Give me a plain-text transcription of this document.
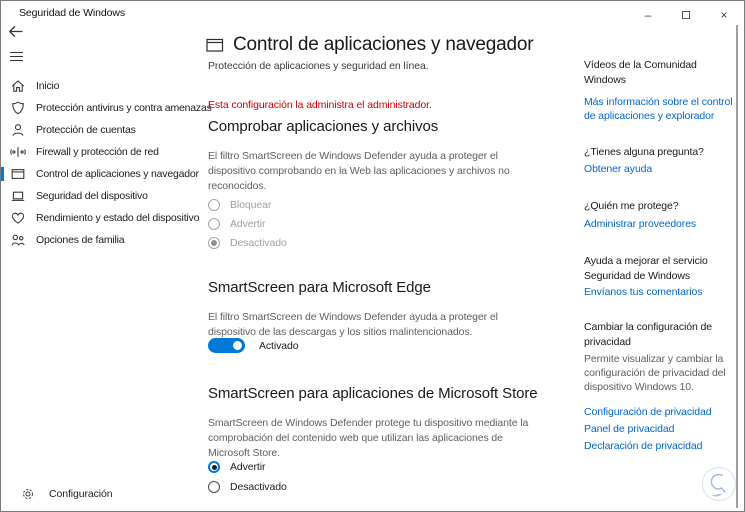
Seguridad de Windows	–	×
Inicio
Protección antivirus y contra amenazas
Protección de cuentas
Firewall y protección de red
Control de aplicaciones y navegador
Seguridad del dispositivo
Rendimiento y estado del dispositivo
Opciones de familia
Configuración
Control de aplicaciones y navegador
Protección de aplicaciones y seguridad en línea.
Esta configuración la administra el administrador.
Comprobar aplicaciones y archivos

El filtro SmartScreen de Windows Defender ayuda a proteger el dispositivo comprobando en la Web las aplicaciones y archivos no reconocidos.

Bloquear
Advertir
Desactivado
SmartScreen para Microsoft Edge

El filtro SmartScreen de Windows Defender ayuda a proteger el dispositivo de las descargas y los sitios malintencionados.

Activado
SmartScreen para aplicaciones de Microsoft Store

SmartScreen de Windows Defender protege tu dispositivo mediante la comprobación del contenido web que utilizan las aplicaciones de Microsoft Store.

Advertir
Desactivado

Vídeos de la Comunidad Windows

Más información sobre el control de aplicaciones y explorador

¿Tienes alguna pregunta?

Obtener ayuda

¿Quién me protege?

Administrar proveedores

Ayuda a mejorar el servicio Seguridad de Windows

Envíanos tus comentarios

Cambiar la configuración de privacidad

Permite visualizar y cambiar la configuración de privacidad del dispositivo Windows 10.

Configuración de privacidad
Panel de privacidad
Declaración de privacidad
